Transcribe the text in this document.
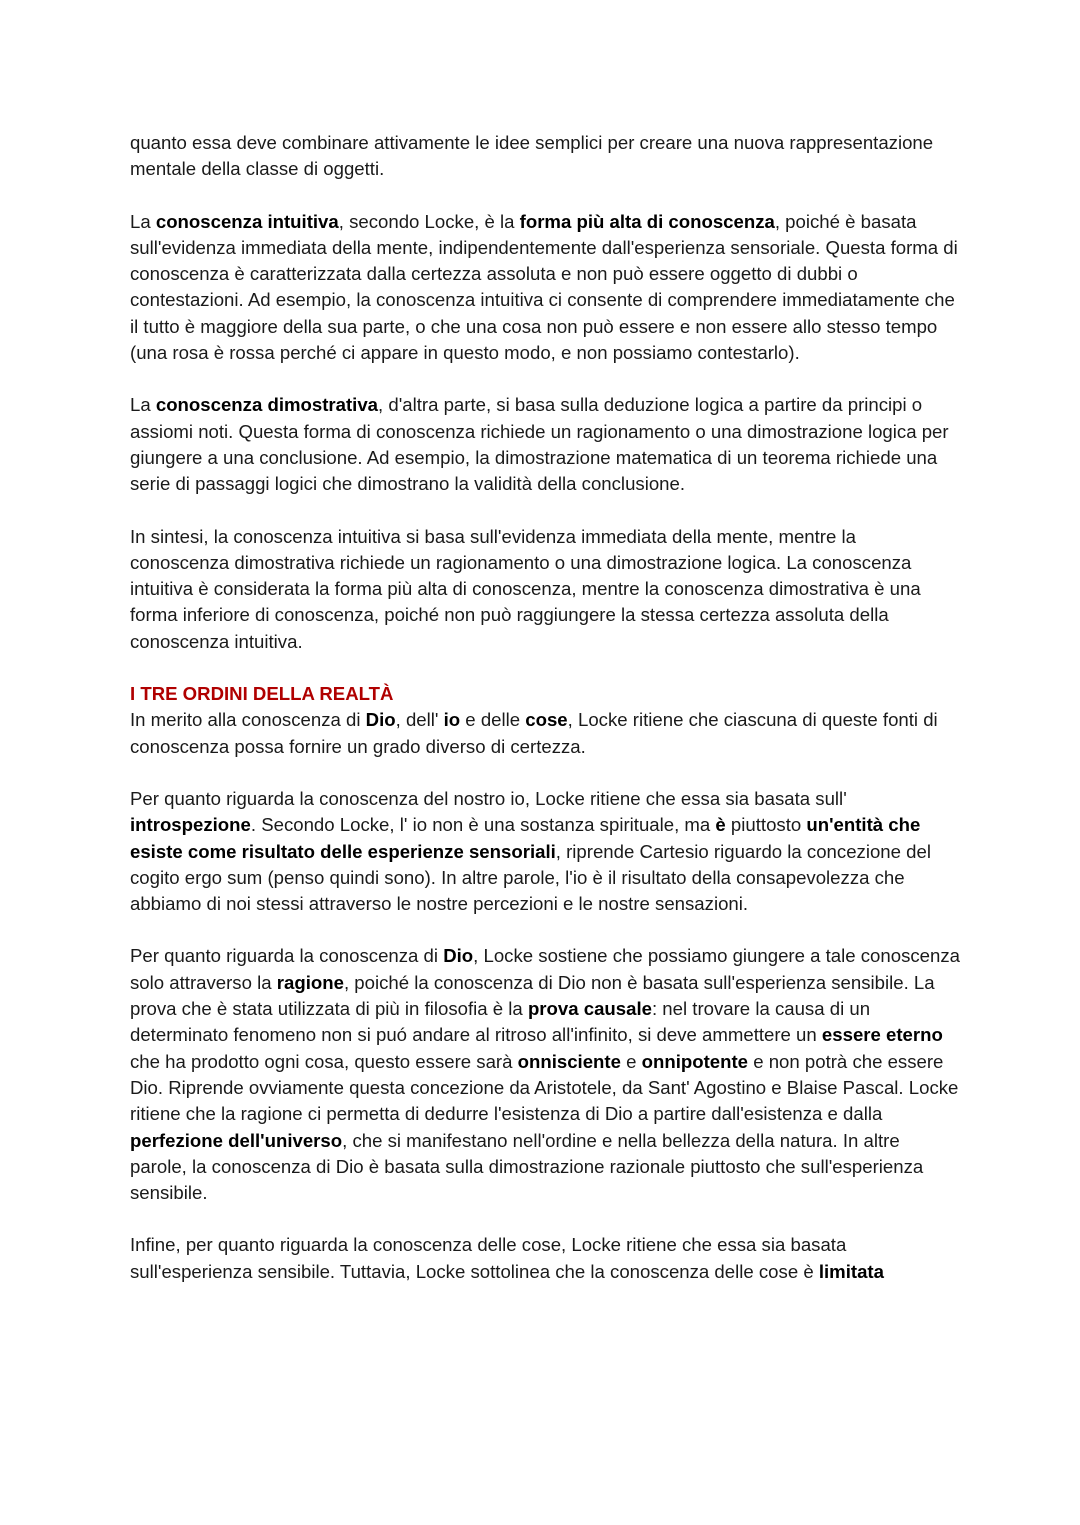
quanto essa deve combinare attivamente le idee semplici per creare una nuova rappresentazione mentale della classe di oggetti.

La conoscenza intuitiva, secondo Locke, è la forma più alta di conoscenza, poiché è basata sull'evidenza immediata della mente, indipendentemente dall'esperienza sensoriale. Questa forma di conoscenza è caratterizzata dalla certezza assoluta e non può essere oggetto di dubbi o contestazioni. Ad esempio, la conoscenza intuitiva ci consente di comprendere immediatamente che il tutto è maggiore della sua parte, o che una cosa non può essere e non essere allo stesso tempo (una rosa è rossa perché ci appare in questo modo, e non possiamo contestarlo).

La conoscenza dimostrativa, d'altra parte, si basa sulla deduzione logica a partire da principi o assiomi noti. Questa forma di conoscenza richiede un ragionamento o una dimostrazione logica per giungere a una conclusione. Ad esempio, la dimostrazione matematica di un teorema richiede una serie di passaggi logici che dimostrano la validità della conclusione.

In sintesi, la conoscenza intuitiva si basa sull'evidenza immediata della mente, mentre la conoscenza dimostrativa richiede un ragionamento o una dimostrazione logica. La conoscenza intuitiva è considerata la forma più alta di conoscenza, mentre la conoscenza dimostrativa è una forma inferiore di conoscenza, poiché non può raggiungere la stessa certezza assoluta della conoscenza intuitiva.

I TRE ORDINI DELLA REALTÀ

In merito alla conoscenza di Dio, dell' io e delle cose, Locke ritiene che ciascuna di queste fonti di conoscenza possa fornire un grado diverso di certezza.

Per quanto riguarda la conoscenza del nostro io, Locke ritiene che essa sia basata sull' introspezione. Secondo Locke, l' io non è una sostanza spirituale, ma è piuttosto un'entità che esiste come risultato delle esperienze sensoriali, riprende Cartesio riguardo la concezione del cogito ergo sum (penso quindi sono). In altre parole, l'io è il risultato della consapevolezza che abbiamo di noi stessi attraverso le nostre percezioni e le nostre sensazioni.

Per quanto riguarda la conoscenza di Dio, Locke sostiene che possiamo giungere a tale conoscenza solo attraverso la ragione, poiché la conoscenza di Dio non è basata sull'esperienza sensibile. La prova che è stata utilizzata di più in filosofia è la prova causale: nel trovare la causa di un determinato fenomeno non si puó andare al ritroso all'infinito, si deve ammettere un essere eterno che ha prodotto ogni cosa, questo essere sarà onnisciente e onnipotente e non potrà che essere Dio. Riprende ovviamente questa concezione da Aristotele, da Sant' Agostino e Blaise Pascal. Locke ritiene che la ragione ci permetta di dedurre l'esistenza di Dio a partire dall'esistenza e dalla perfezione dell'universo, che si manifestano nell'ordine e nella bellezza della natura. In altre parole, la conoscenza di Dio è basata sulla dimostrazione razionale piuttosto che sull'esperienza sensibile.

Infine, per quanto riguarda la conoscenza delle cose, Locke ritiene che essa sia basata sull'esperienza sensibile. Tuttavia, Locke sottolinea che la conoscenza delle cose è limitata
